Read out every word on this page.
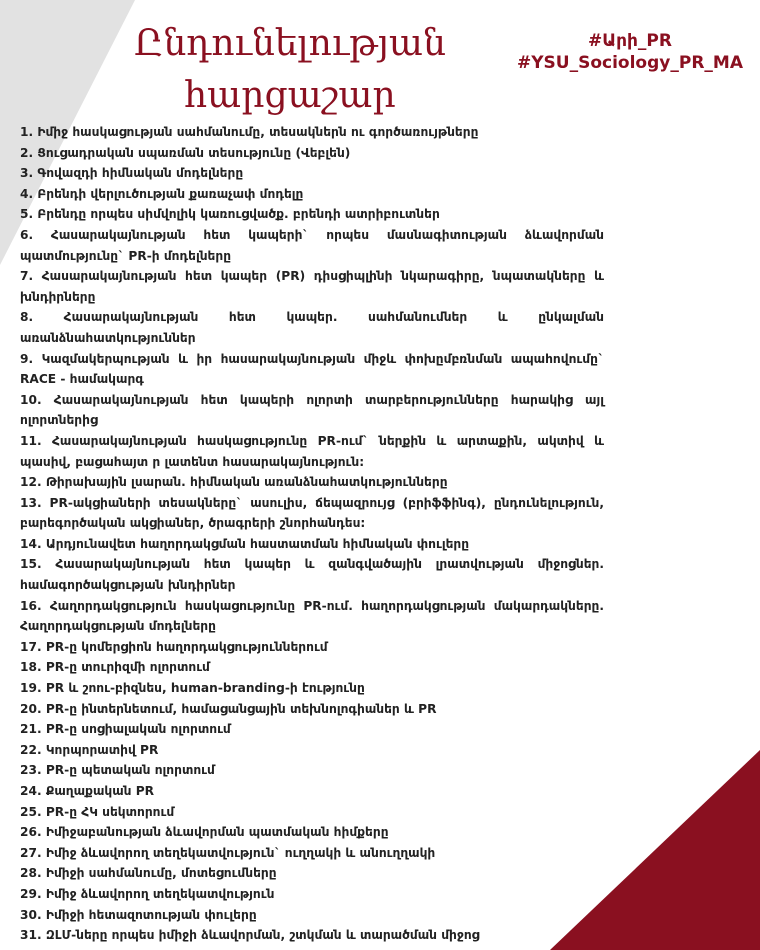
Ընդունելության
հարցաշար
#Արի_PR
#YSU_Sociology_PR_MA
1. Իմիջ հասկացության սահմանումը, տեսակներն ու գործառույթները
2. Ցուցադրական սպառման տեսությունը (Վեբլեն)
3. Գովազդի հիմնական մոդելները
4. Բրենդի վերլուծության քառաչափ մոդելը
5. Բրենդը որպես սիմվոլիկ կառուցվածք. բրենդի ատրիբուտներ
6. Հասարակայնության հետ կապերի` որպես մասնագիտության ձևավորման պատմությունը` PR-ի մոդելները
7. Հասարակայնության հետ կապեր (PR) դիսցիպլինի նկարագիրը, նպատակները և խնդիրները
8. Հասարակայնության հետ կապեր. սահմանումներ և ընկալման առանձնահատկություններ
9. Կազմակերպության և իր հասարակայնության միջև փոխըմբռնման ապահովումը` RACE - համակարգ
10. Հասարակայնության հետ կապերի ոլորտի տարբերությունները հարակից այլ ոլորտներից
11. Հասարակայնության հասկացությունը PR-ում` ներքին և արտաքին, ակտիվ և պասիվ, բացահայտ ր լատենտ հասարակայնություն:
12. Թիրախային լսարան. հիմնական առանձնահատկությունները
13. PR-ակցիաների տեսակները` ասուլիս, ճեպազրույց (բրիֆֆինգ), ընդունելություն, բարեգործական ակցիաներ, ծրագրերի շնորհանդես:
14. Արդյունավետ հաղորդակցման հաստատման հիմնական փուլերը
15. Հասարակայնության հետ կապեր և զանգվածային լրատվության միջոցներ. համագործակցության խնդիրներ
16. Հաղորդակցություն հասկացությունը PR-ում. հաղորդակցության մակարդակները. Հաղորդակցության մոդելները
17. PR-ը կոմերցիոն հաղորդակցություններում
18. PR-ը տուրիզմի ոլորտում
19. PR և շոու-բիզնես, human-branding-ի էությունը
20. PR-ը ինտերնետում, համացանցային տեխնոլոգիաներ և PR
21. PR-ը սոցիալական ոլորտում
22. Կորպորատիվ PR
23. PR-ը պետական ոլորտում
24. Քաղաքական PR
25. PR-ը ՀԿ սեկտորում
26. Իմիջաբանության ձևավորման պատմական հիմքերը
27. Իմիջ ձևավորող տեղեկատվություն` ուղղակի և անուղղակի
28. Իմիջի սահմանումը, մոտեցումները
29. Իմիջ ձևավորող տեղեկատվություն
30. Իմիջի հետազոտության փուլերը
31. ԶԼՄ-ները որպես իմիջի ձևավորման, շտկման և տարածման միջոց
